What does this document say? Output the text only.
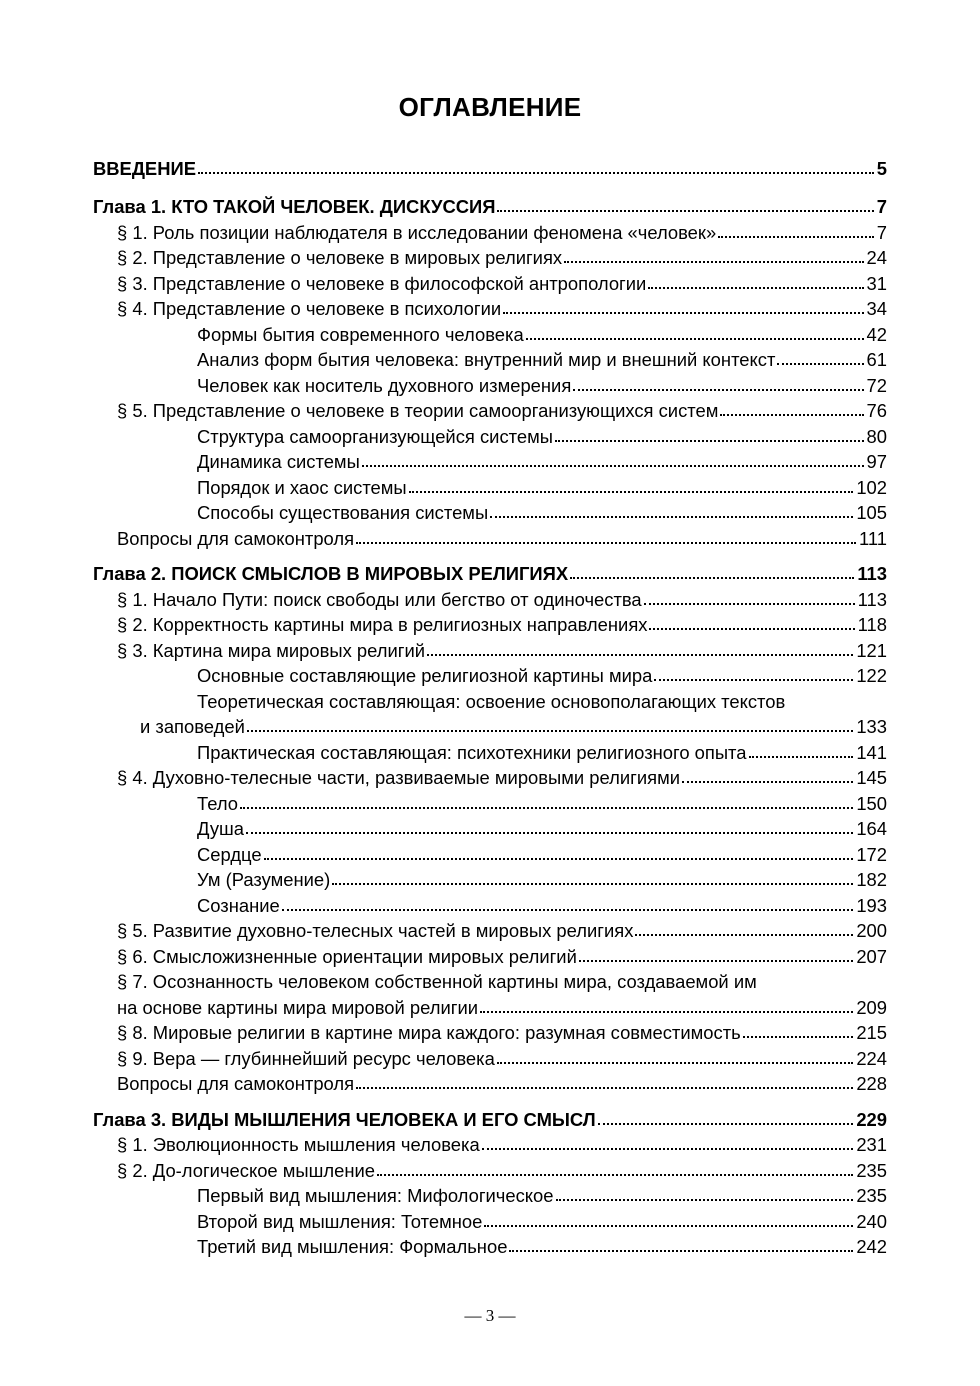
ОГЛАВЛЕНИЕ
ВВЕДЕНИЕ	5
Глава 1. КТО ТАКОЙ ЧЕЛОВЕК. ДИСКУССИЯ	7
§ 1. Роль позиции наблюдателя в исследовании феномена «человек»	7
§ 2. Представление о человеке в мировых религиях	24
§ 3. Представление о человеке в философской антропологии	31
§ 4. Представление о человеке в психологии	34
Формы бытия современного человека	42
Анализ форм бытия человека: внутренний мир и внешний контекст	61
Человек как носитель духовного измерения	72
§ 5. Представление о человеке в теории самоорганизующихся систем	76
Структура самоорганизующейся системы	80
Динамика системы	97
Порядок и хаос системы	102
Способы существования системы	105
Вопросы для самоконтроля	111
Глава 2. ПОИСК СМЫСЛОВ В МИРОВЫХ РЕЛИГИЯХ	113
§ 1. Начало Пути: поиск свободы или бегство от одиночества	113
§ 2. Корректность картины мира в религиозных направлениях	118
§ 3. Картина мира мировых религий	121
Основные составляющие религиозной картины мира	122
Теоретическая составляющая: освоение основополагающих текстов
и заповедей	133
Практическая составляющая: психотехники религиозного опыта	141
§ 4. Духовно-телесные части, развиваемые мировыми религиями	145
Тело	150
Душа	164
Сердце	172
Ум (Разумение)	182
Сознание	193
§ 5. Развитие духовно-телесных частей в мировых религиях	200
§ 6. Смысложизненные ориентации мировых религий	207
§ 7. Осознанность человеком собственной картины мира, создаваемой им
на основе картины мира мировой религии	209
§ 8. Мировые религии в картине мира каждого: разумная совместимость	215
§ 9. Вера — глубиннейший ресурс человека	224
Вопросы для самоконтроля	228
Глава 3. ВИДЫ МЫШЛЕНИЯ ЧЕЛОВЕКА И ЕГО СМЫСЛ	229
§ 1. Эволюционность мышления человека	231
§ 2. До-логическое мышление	235
Первый вид мышления: Мифологическое	235
Второй вид мышления: Тотемное	240
Третий вид мышления: Формальное	242
— 3 —
